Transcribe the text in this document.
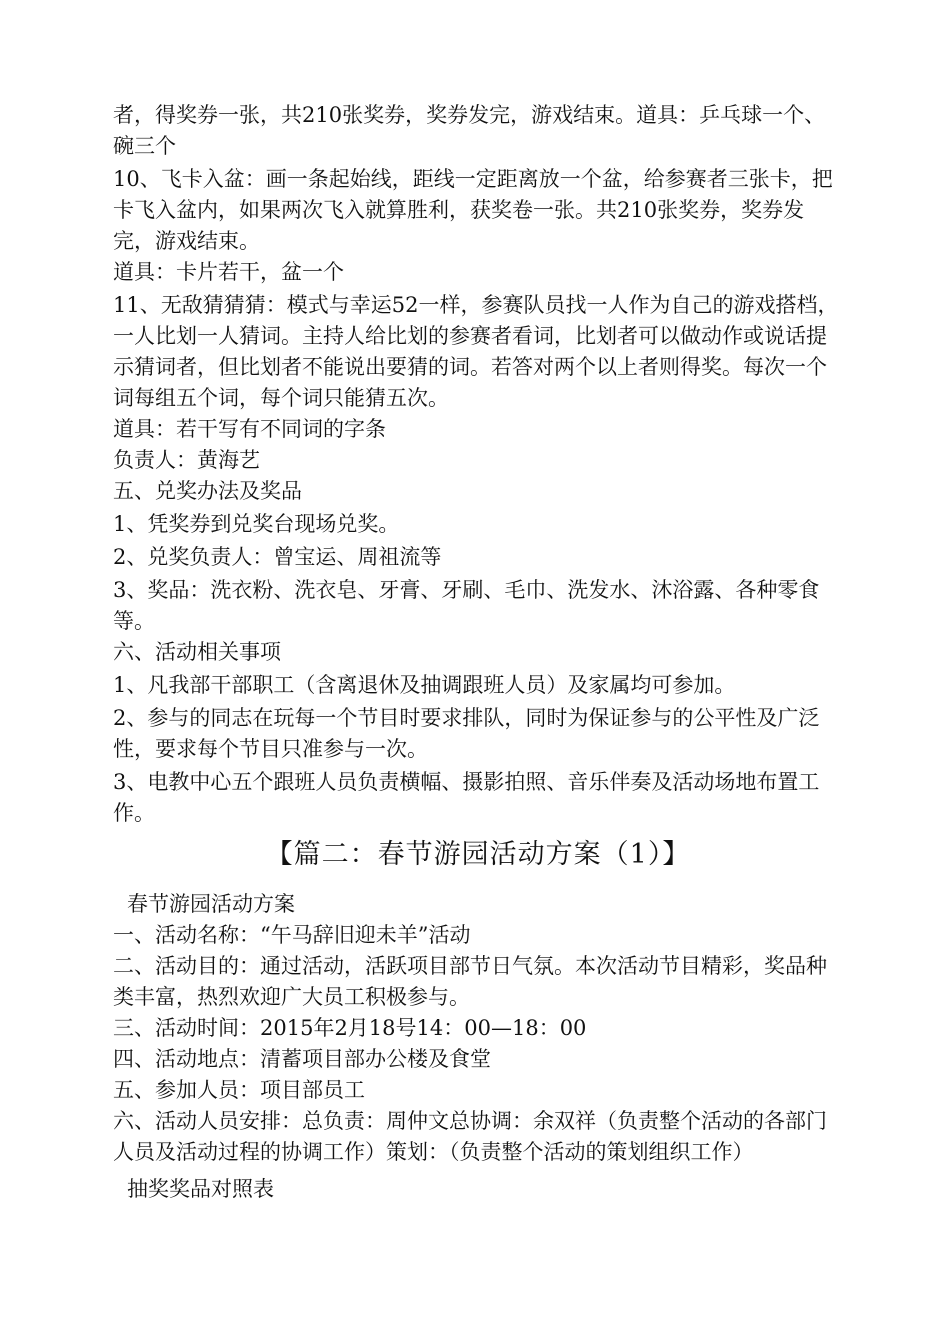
者，得奖券一张，共210张奖券，奖券发完，游戏结束。道具：乒乓球一个、碗三个

10、飞卡入盆：画一条起始线，距线一定距离放一个盆，给参赛者三张卡，把卡飞入盆内，如果两次飞入就算胜利，获奖卷一张。共210张奖券，奖券发完，游戏结束。

道具：卡片若干，盆一个

11、无敌猜猜猜：模式与幸运52一样，参赛队员找一人作为自己的游戏搭档，一人比划一人猜词。主持人给比划的参赛者看词，比划者可以做动作或说话提示猜词者，但比划者不能说出要猜的词。若答对两个以上者则得奖。每次一个词每组五个词，每个词只能猜五次。

道具：若干写有不同词的字条

负责人：黄海艺

五、兑奖办法及奖品

1、凭奖券到兑奖台现场兑奖。

2、兑奖负责人：曾宝运、周祖流等

3、奖品：洗衣粉、洗衣皂、牙膏、牙刷、毛巾、洗发水、沐浴露、各种零食等。

六、活动相关事项

1、凡我部干部职工（含离退休及抽调跟班人员）及家属均可参加。

2、参与的同志在玩每一个节目时要求排队，同时为保证参与的公平性及广泛性，要求每个节目只准参与一次。

3、电教中心五个跟班人员负责横幅、摄影拍照、音乐伴奏及活动场地布置工作。

【篇二：春节游园活动方案（1）】

春节游园活动方案

一、活动名称：“午马辞旧迎未羊”活动

二、活动目的：通过活动，活跃项目部节日气氛。本次活动节目精彩，奖品种类丰富，热烈欢迎广大员工积极参与。

三、活动时间：2015年2月18号14：00—18：00

四、活动地点：清蓄项目部办公楼及食堂

五、参加人员：项目部员工

六、活动人员安排：总负责：周仲文总协调：余双祥（负责整个活动的各部门人员及活动过程的协调工作）策划：（负责整个活动的策划组织工作）

抽奖奖品对照表
